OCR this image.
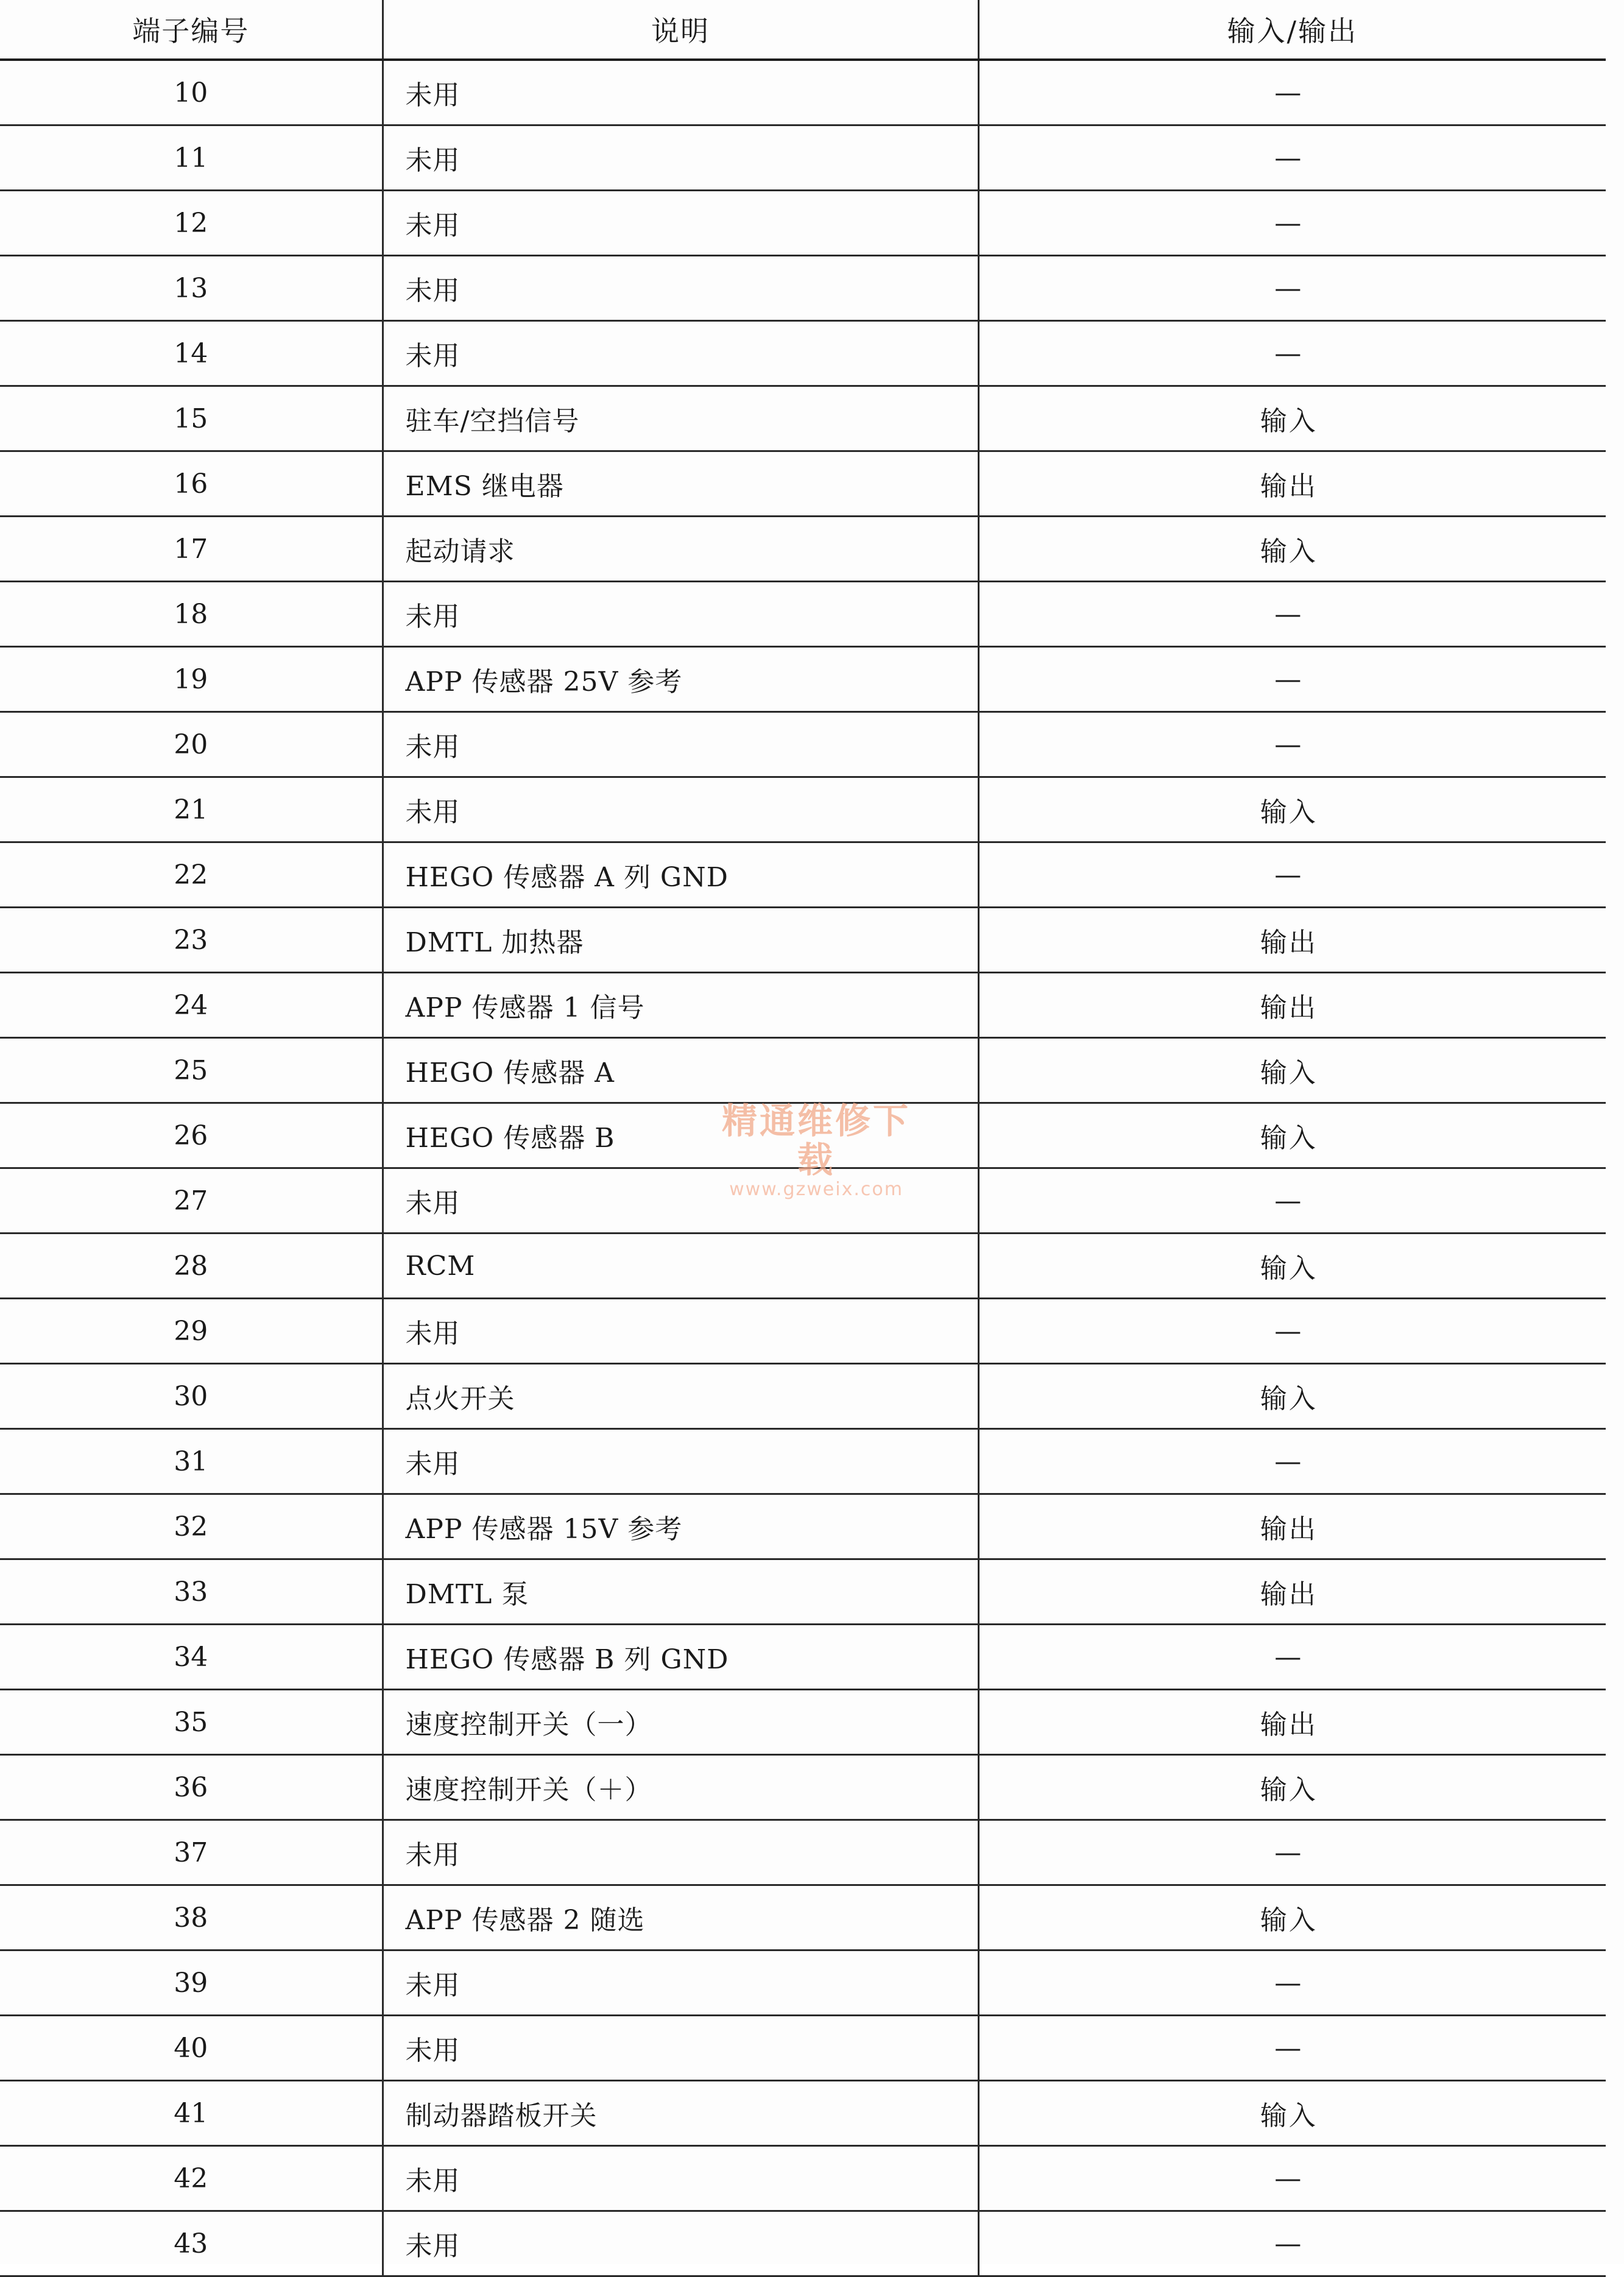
端子编号	说明	输入/输出
10	未用	—
11	未用	—
12	未用	—
13	未用	—
14	未用	—
15	驻车/空挡信号	输入
16	EMS 继电器	输出
17	起动请求	输入
18	未用	—
19	APP 传感器 25V 参考	—
20	未用	—
21	未用	输入
22	HEGO 传感器 A 列 GND	—
23	DMTL 加热器	输出
24	APP 传感器 1 信号	输出
25	HEGO 传感器 A	输入
26	HEGO 传感器 B	输入
27	未用	—
28	RCM	输入
29	未用	—
30	点火开关	输入
31	未用	—
32	APP 传感器 15V 参考	输出
33	DMTL 泵	输出
34	HEGO 传感器 B 列 GND	—
35	速度控制开关（一）	输出
36	速度控制开关（＋）	输入
37	未用	—
38	APP 传感器 2 随选	输入
39	未用	—
40	未用	—
41	制动器踏板开关	输入
42	未用	—
43	未用	—
精通维修下载
www.gzweix.com
